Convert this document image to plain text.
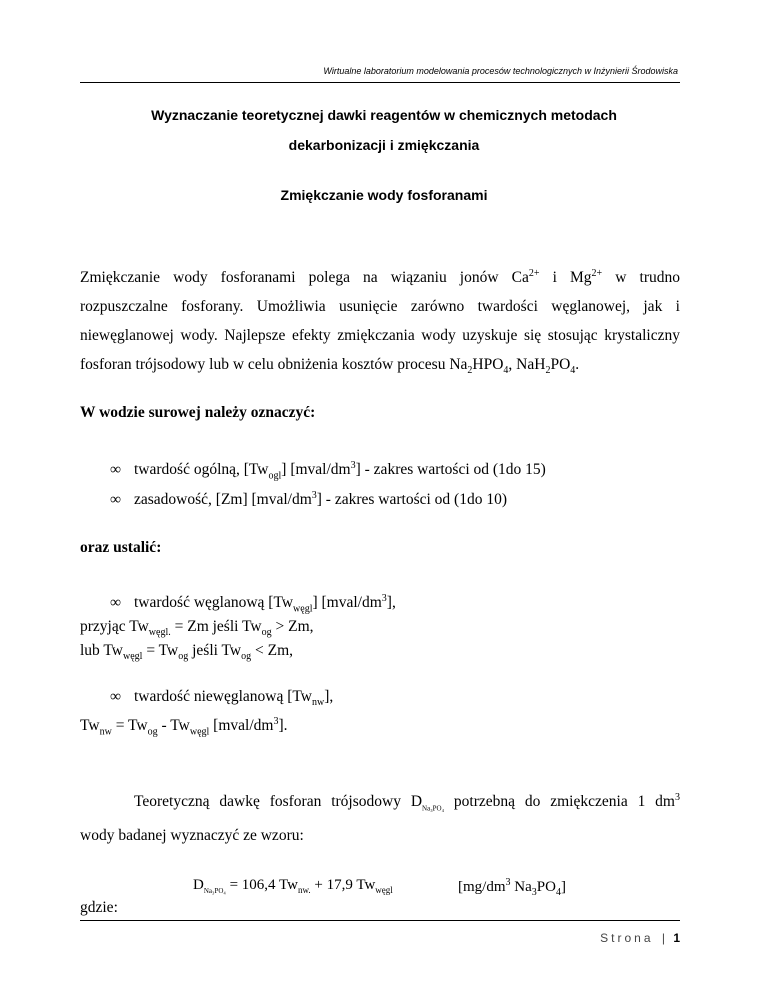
Wirtualne laboratorium modelowania procesów technologicznych w Inżynierii Środowiska
Wyznaczanie teoretycznej dawki reagentów w chemicznych metodach
dekarbonizacji i zmiękczania
Zmiękczanie wody fosforanami
Zmiękczanie wody fosforanami polega na wiązaniu jonów $Ca^{2+}$ i $Mg^{2+}$ w trudno
rozpuszczalne fosforany. Umożliwia usunięcie zarówno twardości węglanowej, jak i
niewęglanowej wody. Najlepsze efekty zmiękczania wody uzyskuje się stosując krystaliczny
fosforan trójsodowy lub w celu obniżenia kosztów procesu $Na_2HPO_4$, $NaH_2PO_4$.
W wodzie surowej należy oznaczyć:
∞ twardość ogólną, $[Tw_{ogl}]$ $[mval/dm^3]$ - zakres wartości od (1do 15)
∞ zasadowość, [Zm] $[mval/dm^3]$ - zakres wartości od (1do 10)
oraz ustalić:
∞ twardość węglanową $[Tw_{węgl}]$ $[mval/dm^3]$,
przyjąc $Tw_{węgl.} = Zm$ jeśli $Tw_{og} > Zm$,
lub $Tw_{węgl} = Tw_{og}$ jeśli $Tw_{og} < Zm$,
∞ twardość niewęglanową $[Tw_{nw}]$,
$Tw_{nw} = Tw_{og} - Tw_{węgl}$ $[mval/dm^3]$.
Teoretyczną dawkę fosforan trójsodowy $D_{Na_3PO_4}$ potrzebną do zmiękczenia 1 $dm^3$
wody badanej wyznaczyć ze wzoru:
$D_{Na_3PO_4} = 106,4$ $Tw_{nw.} + 17,9$ $Tw_{węgl}$	[$mg/dm^3$ $Na_3PO_4$]
gdzie:
Strona | 1
